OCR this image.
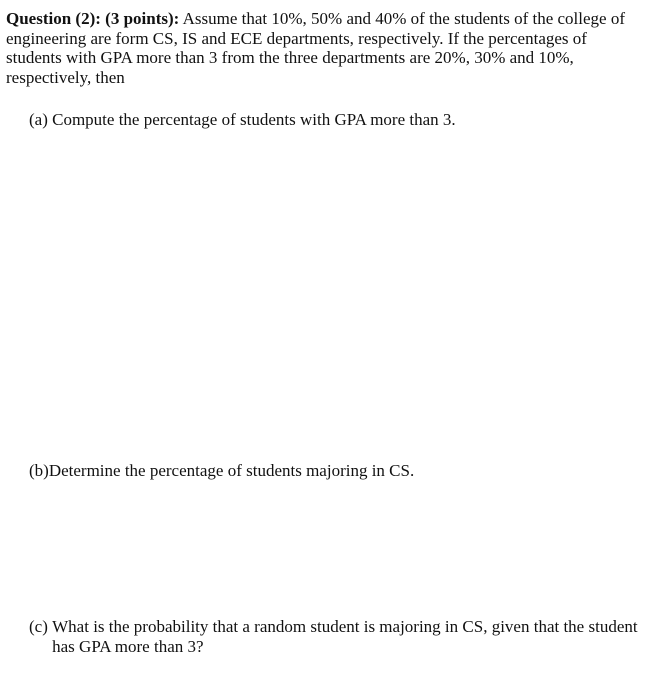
Question (2): (3 points): Assume that 10%, 50% and 40% of the students of the college of engineering are form CS, IS and ECE departments, respectively. If the percentages of students with GPA more than 3 from the three departments are 20%, 30% and 10%, respectively, then

(a) Compute the percentage of students with GPA more than 3.

(b)Determine the percentage of students majoring in CS.

(c) What is the probability that a random student is majoring in CS, given that the student has GPA more than 3?
